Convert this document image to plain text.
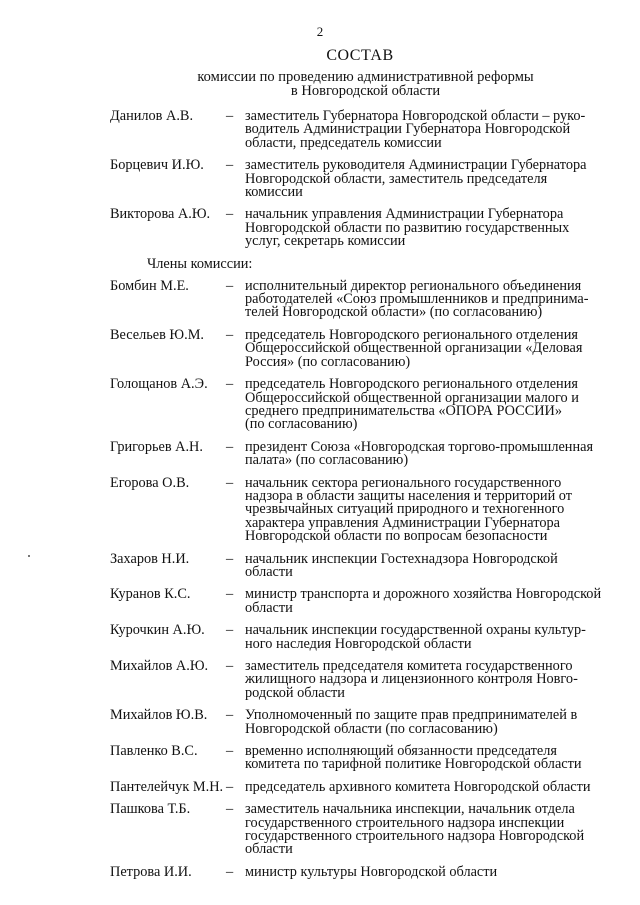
2
СОСТАВ
комиссии по проведению административной реформы
в Новгородской области
Данилов А.В.	– заместитель Губернатора Новгородской области – руко-
водитель Администрации Губернатора Новгородской
области, председатель комиссии
Борцевич И.Ю.	– заместитель руководителя Администрации Губернатора
Новгородской области, заместитель председателя
комиссии
Викторова А.Ю.	– начальник управления Администрации Губернатора
Новгородской области по развитию государственных
услуг, секретарь комиссии
Члены комиссии:
Бомбин М.Е.	– исполнительный директор регионального объединения
работодателей «Союз промышленников и предпринима-
телей Новгородской области» (по согласованию)
Весельев Ю.М.	– председатель Новгородского регионального отделения
Общероссийской общественной организации «Деловая
Россия» (по согласованию)
Голощанов А.Э.	– председатель Новгородского регионального отделения
Общероссийской общественной организации малого и
среднего предпринимательства «ОПОРА РОССИИ»
(по согласованию)
Григорьев А.Н.	– президент Союза «Новгородская торгово-промышленная
палата» (по согласованию)
Егорова О.В.	– начальник сектора регионального государственного
надзора в области защиты населения и территорий от
чрезвычайных ситуаций природного и техногенного
характера управления Администрации Губернатора
Новгородской области по вопросам безопасности
Захаров Н.И.	– начальник инспекции Гостехнадзора Новгородской
области
Куранов К.С.	– министр транспорта и дорожного хозяйства Новгородской
области
Курочкин А.Ю.	– начальник инспекции государственной охраны культур-
ного наследия Новгородской области
Михайлов А.Ю.	– заместитель председателя комитета государственного
жилищного надзора и лицензионного контроля Новго-
родской области
Михайлов Ю.В.	– Уполномоченный по защите прав предпринимателей в
Новгородской области (по согласованию)
Павленко В.С.	– временно исполняющий обязанности председателя
комитета по тарифной политике Новгородской области
Пантелейчук М.Н. – председатель архивного комитета Новгородской области
Пашкова Т.Б.	– заместитель начальника инспекции, начальник отдела
государственного строительного надзора инспекции
государственного строительного надзора Новгородской
области
Петрова И.И.	– министр культуры Новгородской области
